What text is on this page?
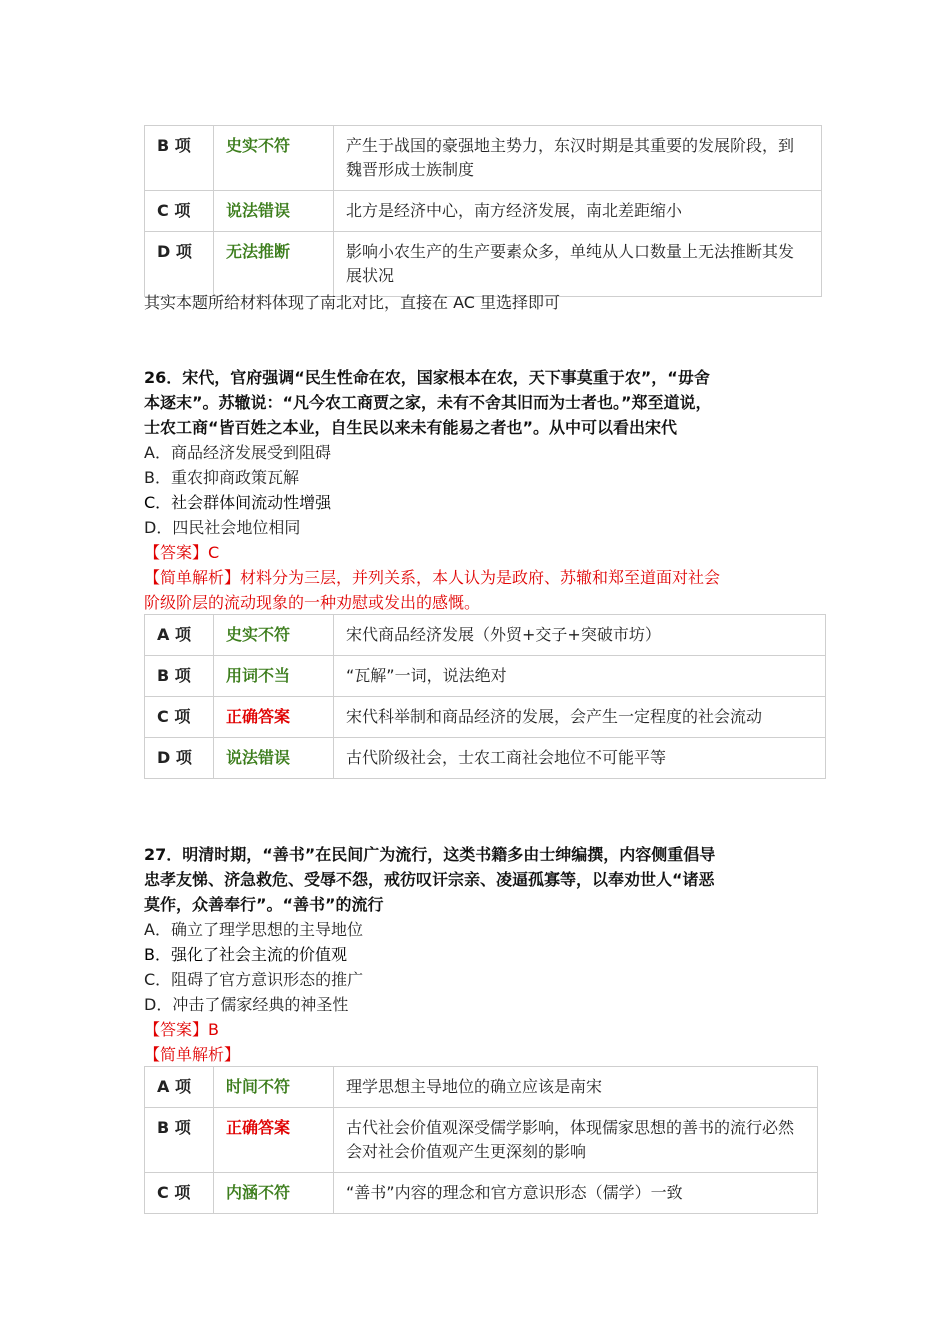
B 项	史实不符	产生于战国的豪强地主势力，东汉时期是其重要的发展阶段，到魏晋形成士族制度
C 项	说法错误	北方是经济中心，南方经济发展，南北差距缩小
D 项	无法推断	影响小农生产的生产要素众多，单纯从人口数量上无法推断其发展状况
其实本题所给材料体现了南北对比，直接在 AC 里选择即可
26．宋代，官府强调“民生性命在农，国家根本在农，天下事莫重于农”，“毋舍
本逐末”。苏辙说：“凡今农工商贾之家，未有不舍其旧而为士者也。”郑至道说，
士农工商“皆百姓之本业，自生民以来未有能易之者也”。从中可以看出宋代
A．商品经济发展受到阻碍
B．重农抑商政策瓦解
C．社会群体间流动性增强
D．四民社会地位相同
【答案】C
【简单解析】材料分为三层，并列关系，本人认为是政府、苏辙和郑至道面对社会
阶级阶层的流动现象的一种劝慰或发出的感慨。
A 项	史实不符	宋代商品经济发展（外贸+交子+突破市坊）
B 项	用词不当	“瓦解”一词，说法绝对
C 项	正确答案	宋代科举制和商品经济的发展，会产生一定程度的社会流动
D 项	说法错误	古代阶级社会，士农工商社会地位不可能平等
27．明清时期，“善书”在民间广为流行，这类书籍多由士绅编撰，内容侧重倡导
忠孝友悌、济急救危、受辱不怨，戒彷叹讦宗亲、凌逼孤寡等，以奉劝世人“诸恶
莫作，众善奉行”。“善书”的流行
A．确立了理学思想的主导地位
B．强化了社会主流的价值观
C．阻碍了官方意识形态的推广
D．冲击了儒家经典的神圣性
【答案】B
【简单解析】
A 项	时间不符	理学思想主导地位的确立应该是南宋
B 项	正确答案	古代社会价值观深受儒学影响，体现儒家思想的善书的流行必然会对社会价值观产生更深刻的影响
C 项	内涵不符	“善书”内容的理念和官方意识形态（儒学）一致
